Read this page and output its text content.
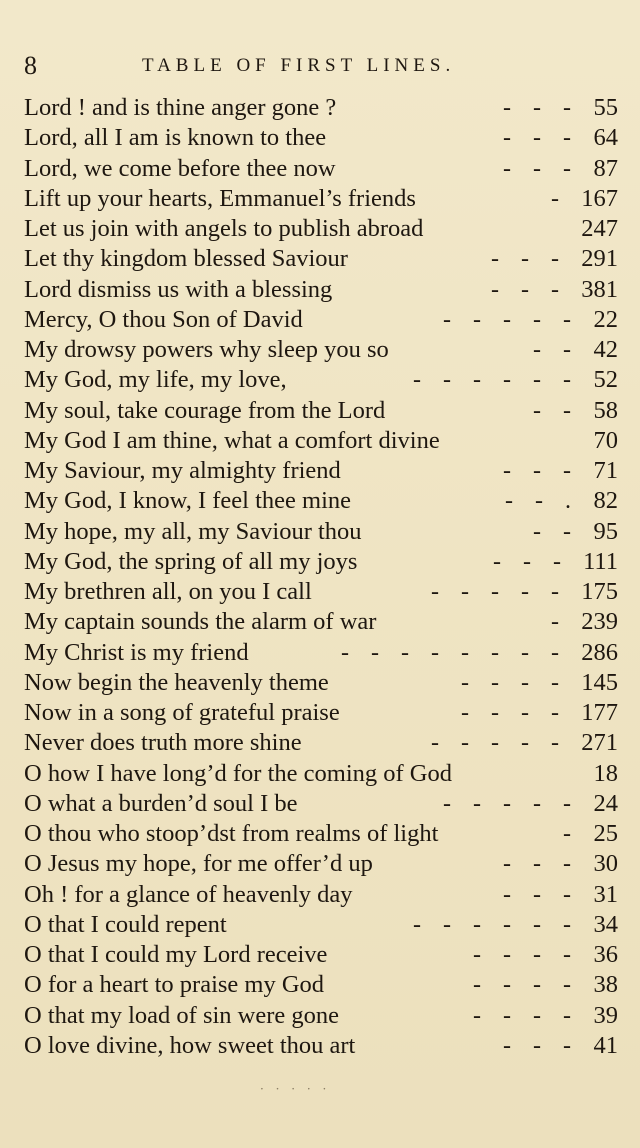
8	TABLE OF FIRST LINES.
Lord ! and is thine anger gone ?	- - - 55
Lord, all I am is known to thee	- - - 64
Lord, we come before thee now	- - - 87
Lift up your hearts, Emmanuel’s friends	- 167
Let us join with angels to publish abroad	247
Let thy kingdom blessed Saviour	- - - 291
Lord dismiss us with a blessing	- - - 381
Mercy, O thou Son of David	- - - - - 22
My drowsy powers why sleep you so	- - 42
My God, my life, my love,	- - - - - - 52
My soul, take courage from the Lord	- - 58
My God I am thine, what a comfort divine	70
My Saviour, my almighty friend	- - - 71
My God, I know, I feel thee mine	- - . 82
My hope, my all, my Saviour thou	- - 95
My God, the spring of all my joys	- - - 111
My brethren all, on you I call	- - - - - 175
My captain sounds the alarm of war	- 239
My Christ is my friend	- - - - - - - - 286
Now begin the heavenly theme	- - - - 145
Now in a song of grateful praise	- - - - 177
Never does truth more shine	- - - - - 271
O how I have long’d for the coming of God	18
O what a burden’d soul I be	- - - - - 24
O thou who stoop’dst from realms of light	- 25
O Jesus my hope, for me offer’d up	- - - 30
Oh ! for a glance of heavenly day	- - - 31
O that I could repent	- - - - - - 34
O that I could my Lord receive	- - - - 36
O for a heart to praise my God	- - - - 38
O that my load of sin were gone	- - - - 39
O love divine, how sweet thou art	- - - 41
· · · · ·
